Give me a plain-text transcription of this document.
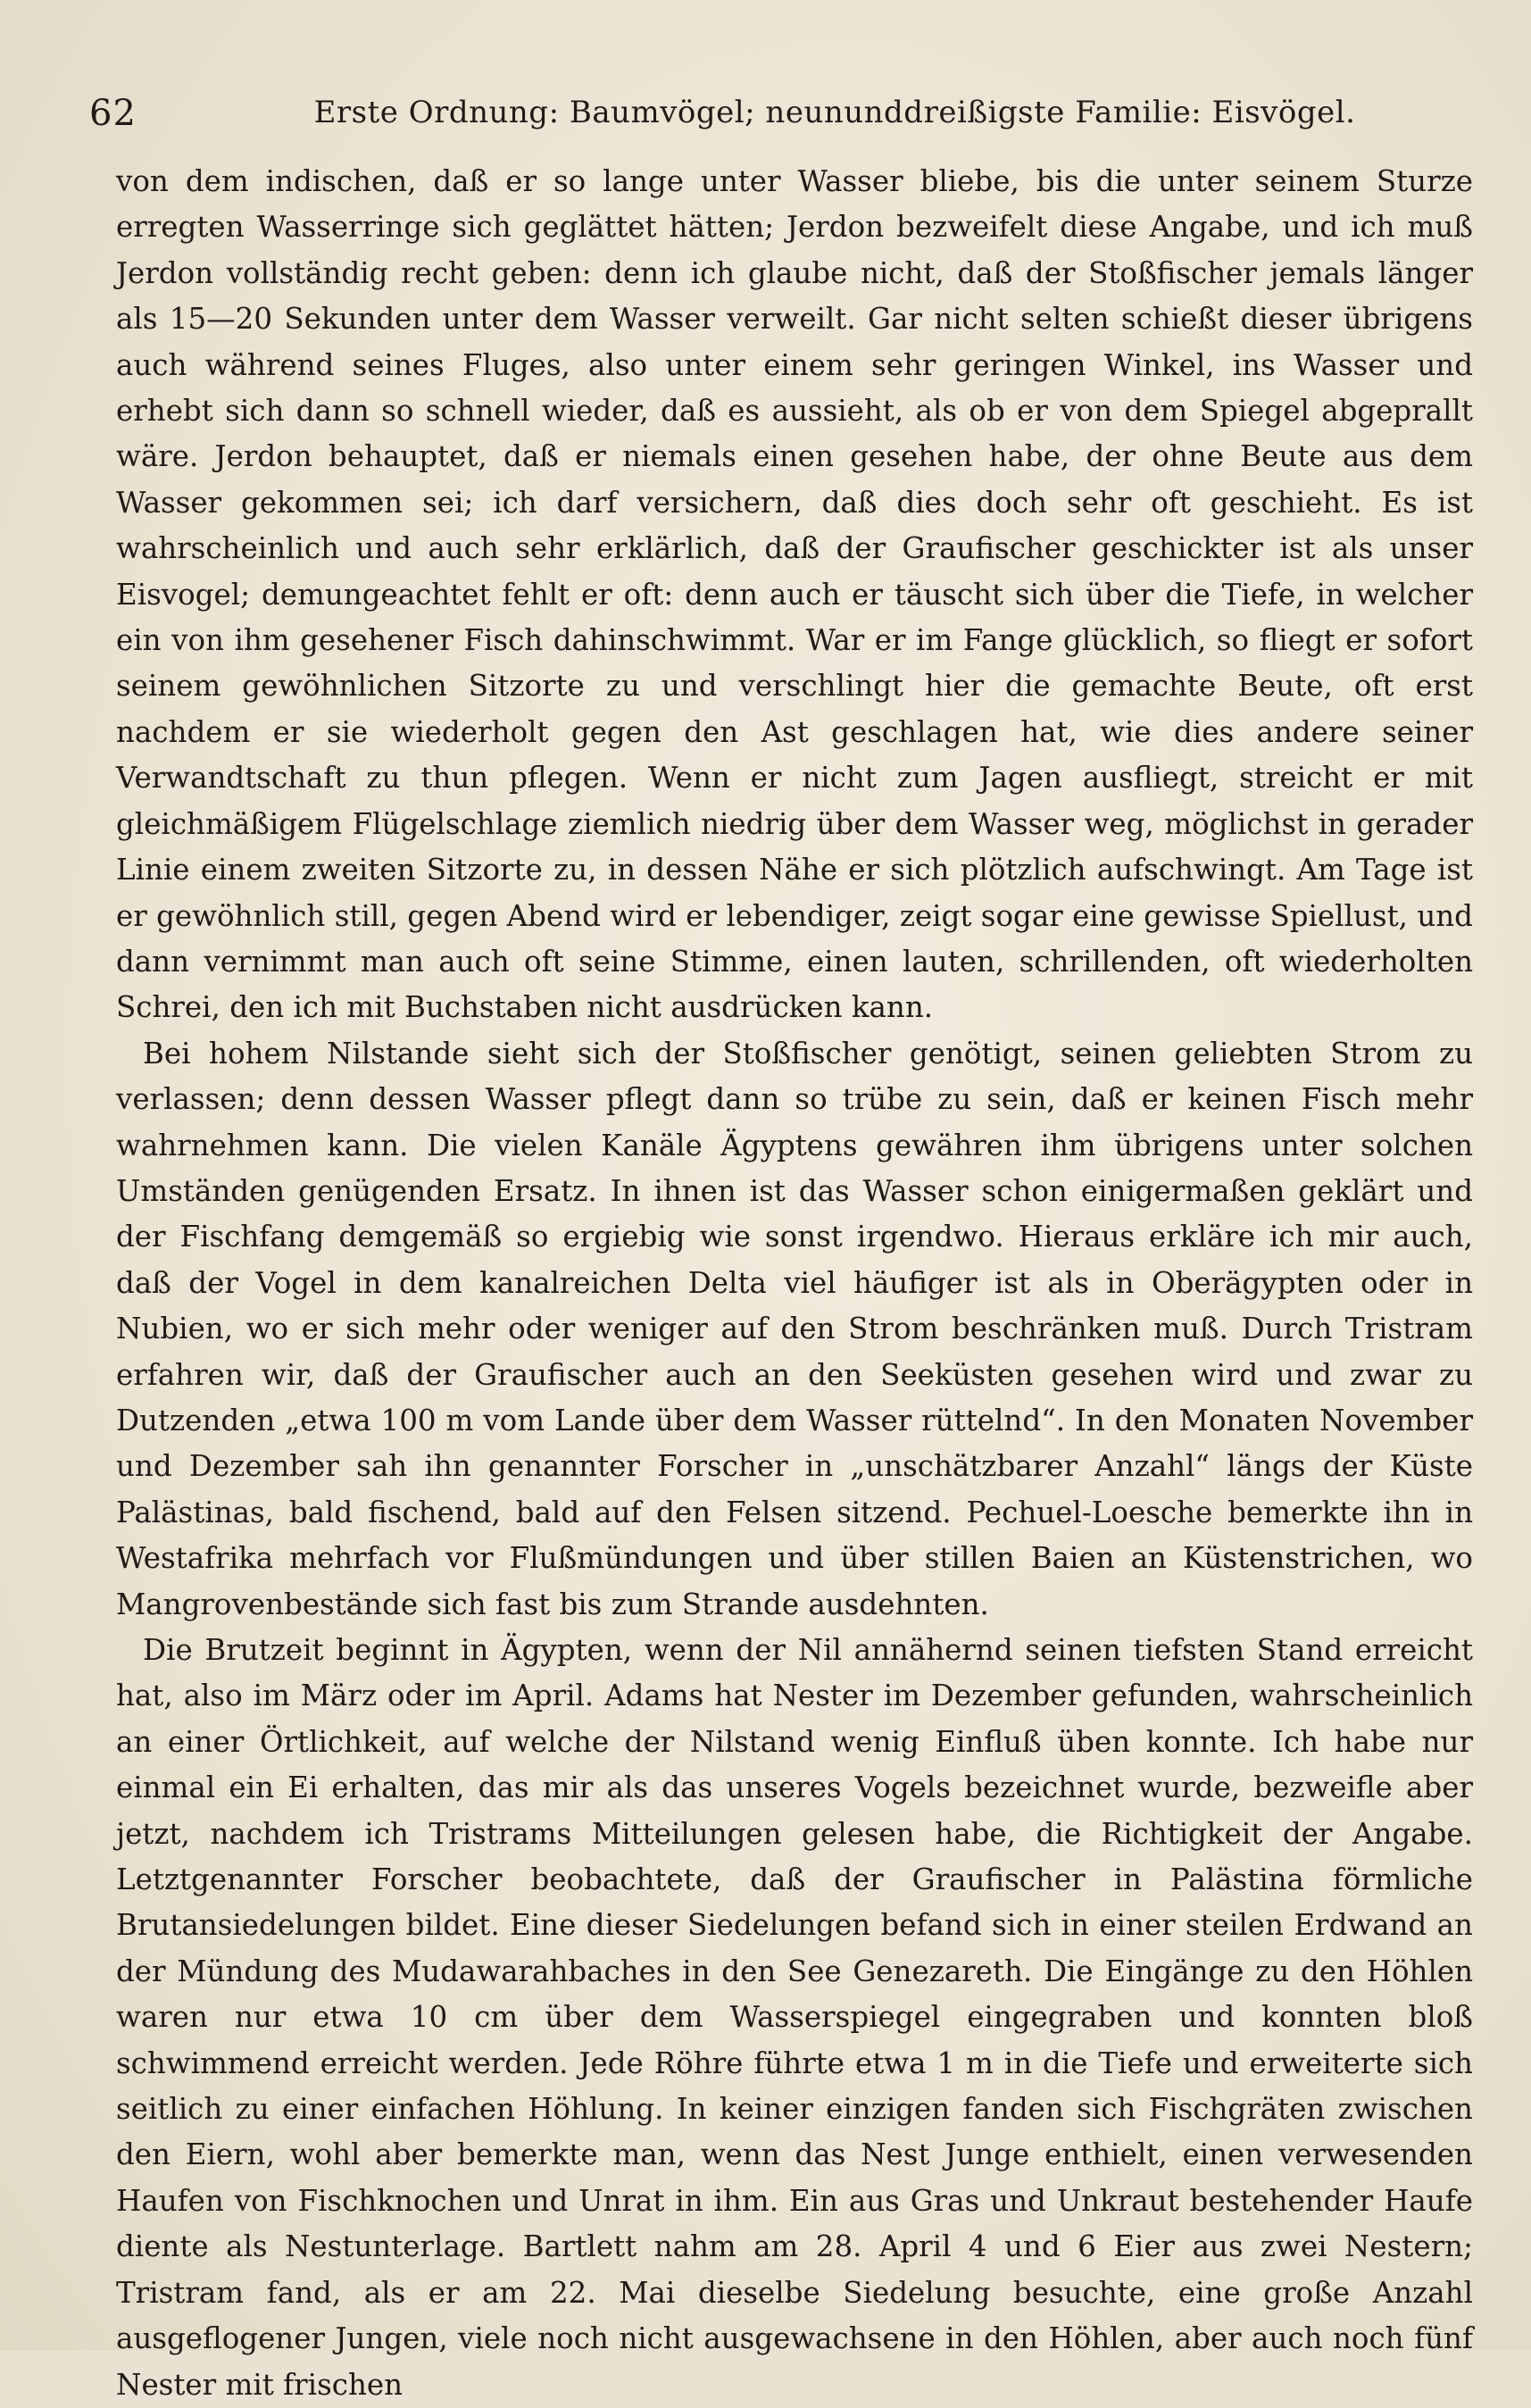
62	Erste Ordnung: Baumvögel; neununddreißigste Familie: Eisvögel.

von dem indischen, daß er so lange unter Wasser bliebe, bis die unter seinem Sturze erregten Wasserringe sich geglättet hätten; Jerdon bezweifelt diese Angabe, und ich muß Jerdon vollständig recht geben: denn ich glaube nicht, daß der Stoßfischer jemals länger als 15—20 Sekunden unter dem Wasser verweilt. Gar nicht selten schießt dieser übrigens auch während seines Fluges, also unter einem sehr geringen Winkel, ins Wasser und erhebt sich dann so schnell wieder, daß es aussieht, als ob er von dem Spiegel abgeprallt wäre. Jerdon behauptet, daß er niemals einen gesehen habe, der ohne Beute aus dem Wasser gekommen sei; ich darf versichern, daß dies doch sehr oft geschieht. Es ist wahrscheinlich und auch sehr erklärlich, daß der Graufischer geschickter ist als unser Eisvogel; demungeachtet fehlt er oft: denn auch er täuscht sich über die Tiefe, in welcher ein von ihm gesehener Fisch dahinschwimmt. War er im Fange glücklich, so fliegt er sofort seinem gewöhnlichen Sitzorte zu und verschlingt hier die gemachte Beute, oft erst nachdem er sie wiederholt gegen den Ast geschlagen hat, wie dies andere seiner Verwandtschaft zu thun pflegen. Wenn er nicht zum Jagen ausfliegt, streicht er mit gleichmäßigem Flügelschlage ziemlich niedrig über dem Wasser weg, möglichst in gerader Linie einem zweiten Sitzorte zu, in dessen Nähe er sich plötzlich aufschwingt. Am Tage ist er gewöhnlich still, gegen Abend wird er lebendiger, zeigt sogar eine gewisse Spiellust, und dann vernimmt man auch oft seine Stimme, einen lauten, schrillenden, oft wiederholten Schrei, den ich mit Buchstaben nicht ausdrücken kann.

Bei hohem Nilstande sieht sich der Stoßfischer genötigt, seinen geliebten Strom zu verlassen; denn dessen Wasser pflegt dann so trübe zu sein, daß er keinen Fisch mehr wahrnehmen kann. Die vielen Kanäle Ägyptens gewähren ihm übrigens unter solchen Umständen genügenden Ersatz. In ihnen ist das Wasser schon einigermaßen geklärt und der Fischfang demgemäß so ergiebig wie sonst irgendwo. Hieraus erkläre ich mir auch, daß der Vogel in dem kanalreichen Delta viel häufiger ist als in Oberägypten oder in Nubien, wo er sich mehr oder weniger auf den Strom beschränken muß. Durch Tristram erfahren wir, daß der Graufischer auch an den Seeküsten gesehen wird und zwar zu Dutzenden „etwa 100 m vom Lande über dem Wasser rüttelnd“. In den Monaten November und Dezember sah ihn genannter Forscher in „unschätzbarer Anzahl“ längs der Küste Palästinas, bald fischend, bald auf den Felsen sitzend. Pechuel-Loesche bemerkte ihn in Westafrika mehrfach vor Flußmündungen und über stillen Baien an Küstenstrichen, wo Mangrovenbestände sich fast bis zum Strande ausdehnten.

Die Brutzeit beginnt in Ägypten, wenn der Nil annähernd seinen tiefsten Stand erreicht hat, also im März oder im April. Adams hat Nester im Dezember gefunden, wahrscheinlich an einer Örtlichkeit, auf welche der Nilstand wenig Einfluß üben konnte. Ich habe nur einmal ein Ei erhalten, das mir als das unseres Vogels bezeichnet wurde, bezweifle aber jetzt, nachdem ich Tristrams Mitteilungen gelesen habe, die Richtigkeit der Angabe. Letztgenannter Forscher beobachtete, daß der Graufischer in Palästina förmliche Brutansiedelungen bildet. Eine dieser Siedelungen befand sich in einer steilen Erdwand an der Mündung des Mudawarahbaches in den See Genezareth. Die Eingänge zu den Höhlen waren nur etwa 10 cm über dem Wasserspiegel eingegraben und konnten bloß schwimmend erreicht werden. Jede Röhre führte etwa 1 m in die Tiefe und erweiterte sich seitlich zu einer einfachen Höhlung. In keiner einzigen fanden sich Fischgräten zwischen den Eiern, wohl aber bemerkte man, wenn das Nest Junge enthielt, einen verwesenden Haufen von Fischknochen und Unrat in ihm. Ein aus Gras und Unkraut bestehender Haufe diente als Nestunterlage. Bartlett nahm am 28. April 4 und 6 Eier aus zwei Nestern; Tristram fand, als er am 22. Mai dieselbe Siedelung besuchte, eine große Anzahl ausgeflogener Jungen, viele noch nicht ausgewachsene in den Höhlen, aber auch noch fünf Nester mit frischen
